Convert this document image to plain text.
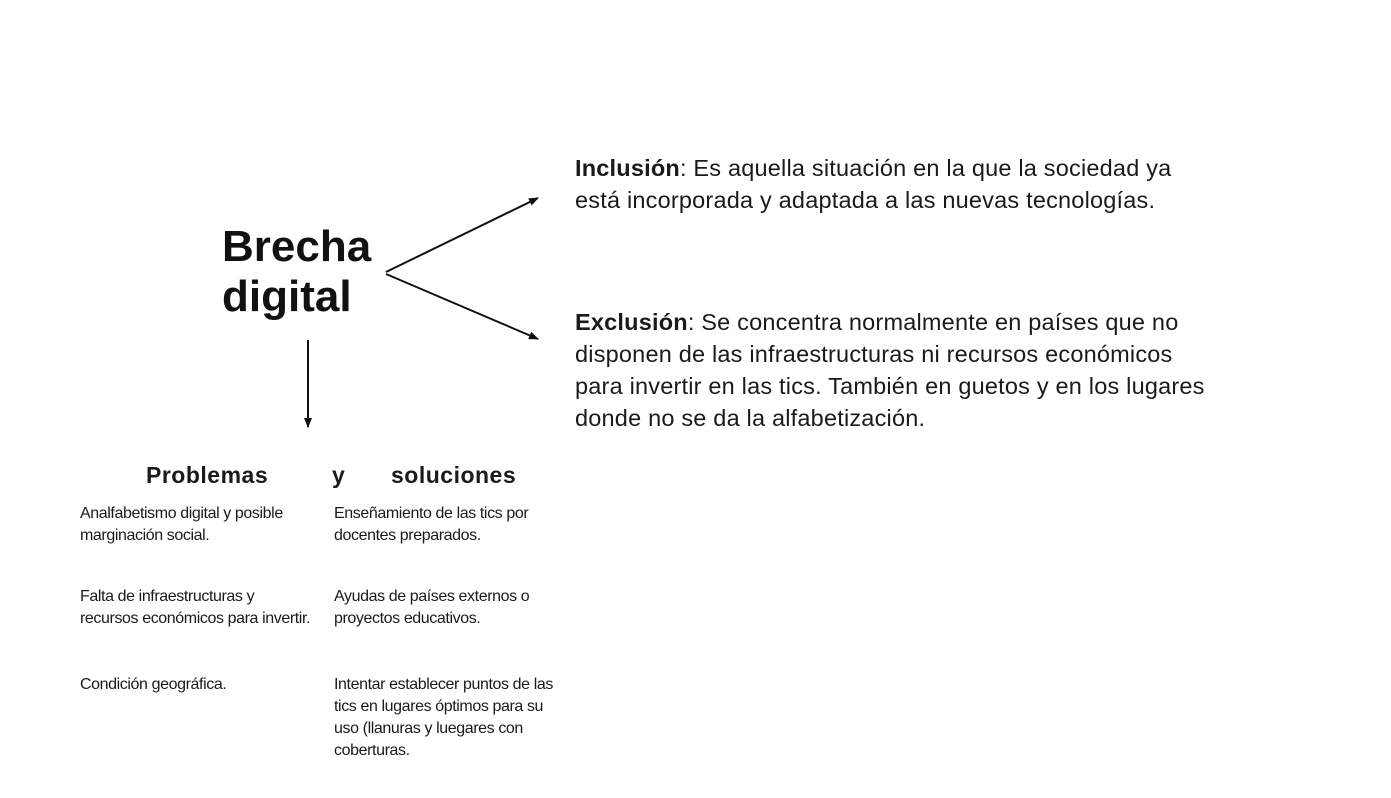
Brecha
digital

Inclusión: Es aquella situación en la que la sociedad ya está incorporada y adaptada a las nuevas tecnologías.

Exclusión: Se concentra normalmente en países que no disponen de las infraestructuras ni recursos económicos para invertir en las tics. También en guetos y en los lugares donde no se da la alfabetización.

Problemas	y soluciones

Analfabetismo digital y posible marginación social.

Enseñamiento de las tics por docentes preparados.

Falta de infraestructuras y recursos económicos para invertir.

Ayudas de países externos o proyectos educativos.

Condición geográfica.	Intentar establecer puntos de las tics en lugares óptimos para su uso (llanuras y luegares con coberturas.
